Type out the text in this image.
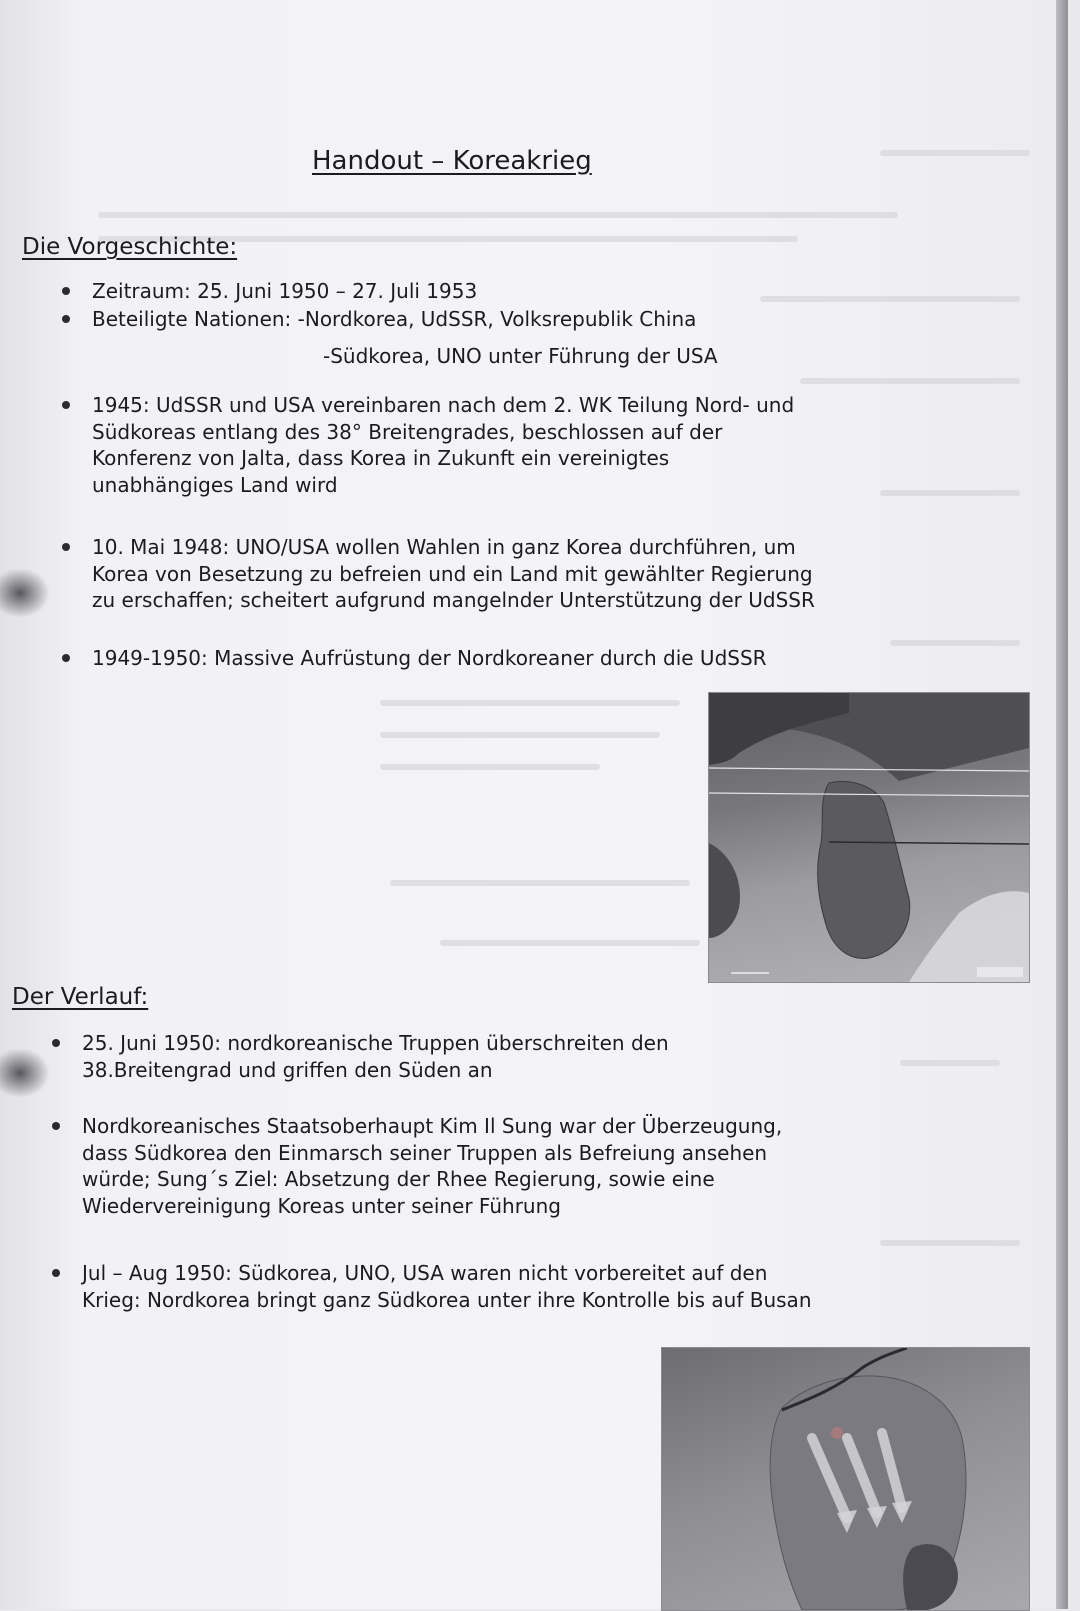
Handout – Koreakrieg
Die Vorgeschichte:
Zeitraum: 25. Juni 1950 – 27. Juli 1953
Beteiligte Nationen: -Nordkorea, UdSSR, Volksrepublik China
-Südkorea, UNO unter Führung der USA
1945: UdSSR und USA vereinbaren nach dem 2. WK Teilung Nord- und
Südkoreas entlang des 38° Breitengrades, beschlossen auf der
Konferenz von Jalta, dass Korea in Zukunft ein vereinigtes
unabhängiges Land wird
10. Mai 1948: UNO/USA wollen Wahlen in ganz Korea durchführen, um
Korea von Besetzung zu befreien und ein Land mit gewählter Regierung
zu erschaffen; scheitert aufgrund mangelnder Unterstützung der UdSSR
1949-1950: Massive Aufrüstung der Nordkoreaner durch die UdSSR
Der Verlauf:
25. Juni 1950: nordkoreanische Truppen überschreiten den
38.Breitengrad und griffen den Süden an
Nordkoreanisches Staatsoberhaupt Kim Il Sung war der Überzeugung,
dass Südkorea den Einmarsch seiner Truppen als Befreiung ansehen
würde; Sung´s Ziel: Absetzung der Rhee Regierung, sowie eine
Wiedervereinigung Koreas unter seiner Führung
Jul – Aug 1950: Südkorea, UNO, USA waren nicht vorbereitet auf den
Krieg: Nordkorea bringt ganz Südkorea unter ihre Kontrolle bis auf Busan
